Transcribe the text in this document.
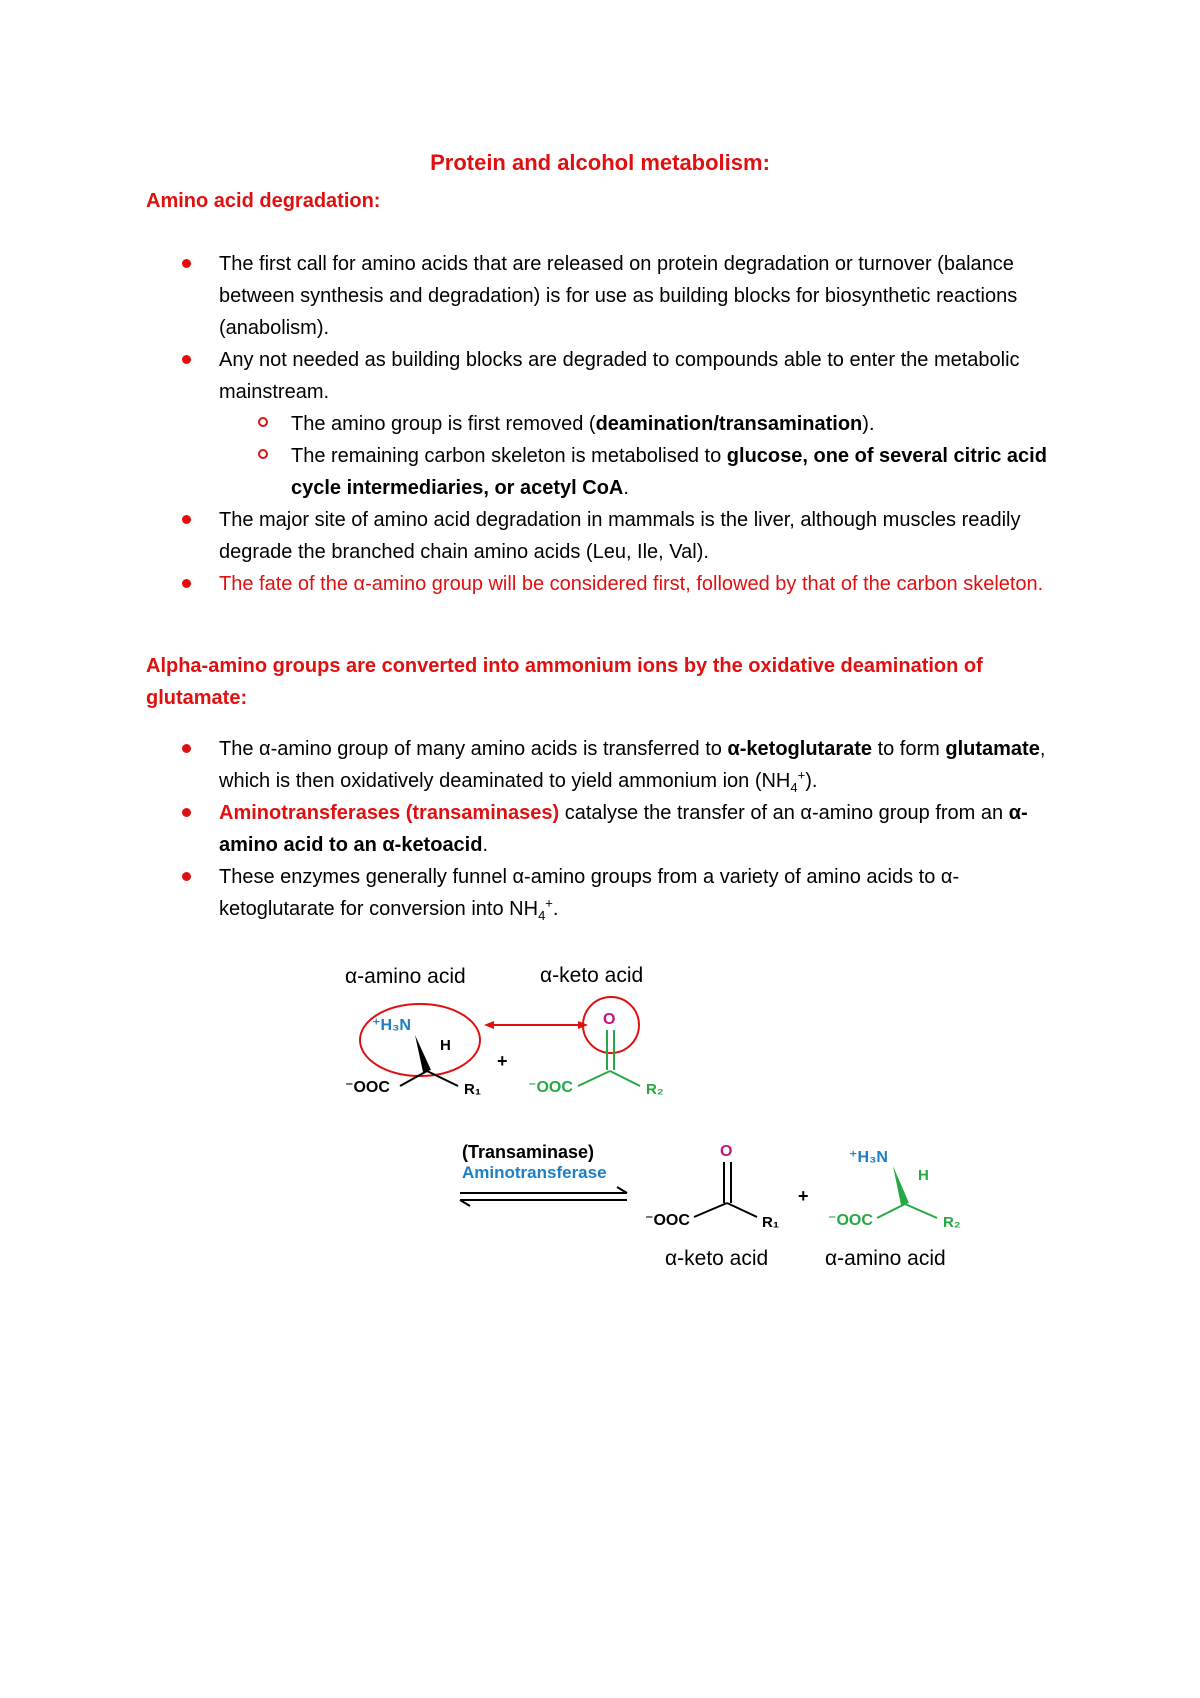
Protein and alcohol metabolism:
Amino acid degradation:
The first call for amino acids that are released on protein degradation or turnover (balance between synthesis and degradation) is for use as building blocks for biosynthetic reactions (anabolism).
Any not needed as building blocks are degraded to compounds able to enter the metabolic mainstream.
The amino group is first removed (deamination/transamination).
The remaining carbon skeleton is metabolised to glucose, one of several citric acid cycle intermediaries, or acetyl CoA.
The major site of amino acid degradation in mammals is the liver, although muscles readily degrade the branched chain amino acids (Leu, Ile, Val).
The fate of the α-amino group will be considered first, followed by that of the carbon skeleton.
Alpha-amino groups are converted into ammonium ions by the oxidative deamination of glutamate:
The α-amino group of many amino acids is transferred to α-ketoglutarate to form glutamate, which is then oxidatively deaminated to yield ammonium ion $(NH_4^+)$.
Aminotransferases (transaminases) catalyse the transfer of an α-amino group from an α-amino acid to an α-ketoacid.
These enzymes generally funnel α-amino groups from a variety of amino acids to α-ketoglutarate for conversion into $NH_4^+$.
α-amino acid	α-keto acid
⁺H₃N
H
⁻OOC	R₁
+
O
⁻OOC	R₂
(Transaminase)
Aminotransferase
O
⁻OOC	R₁
+
⁺H₃N
H
⁻OOC	R₂
α-keto acid	α-amino acid
